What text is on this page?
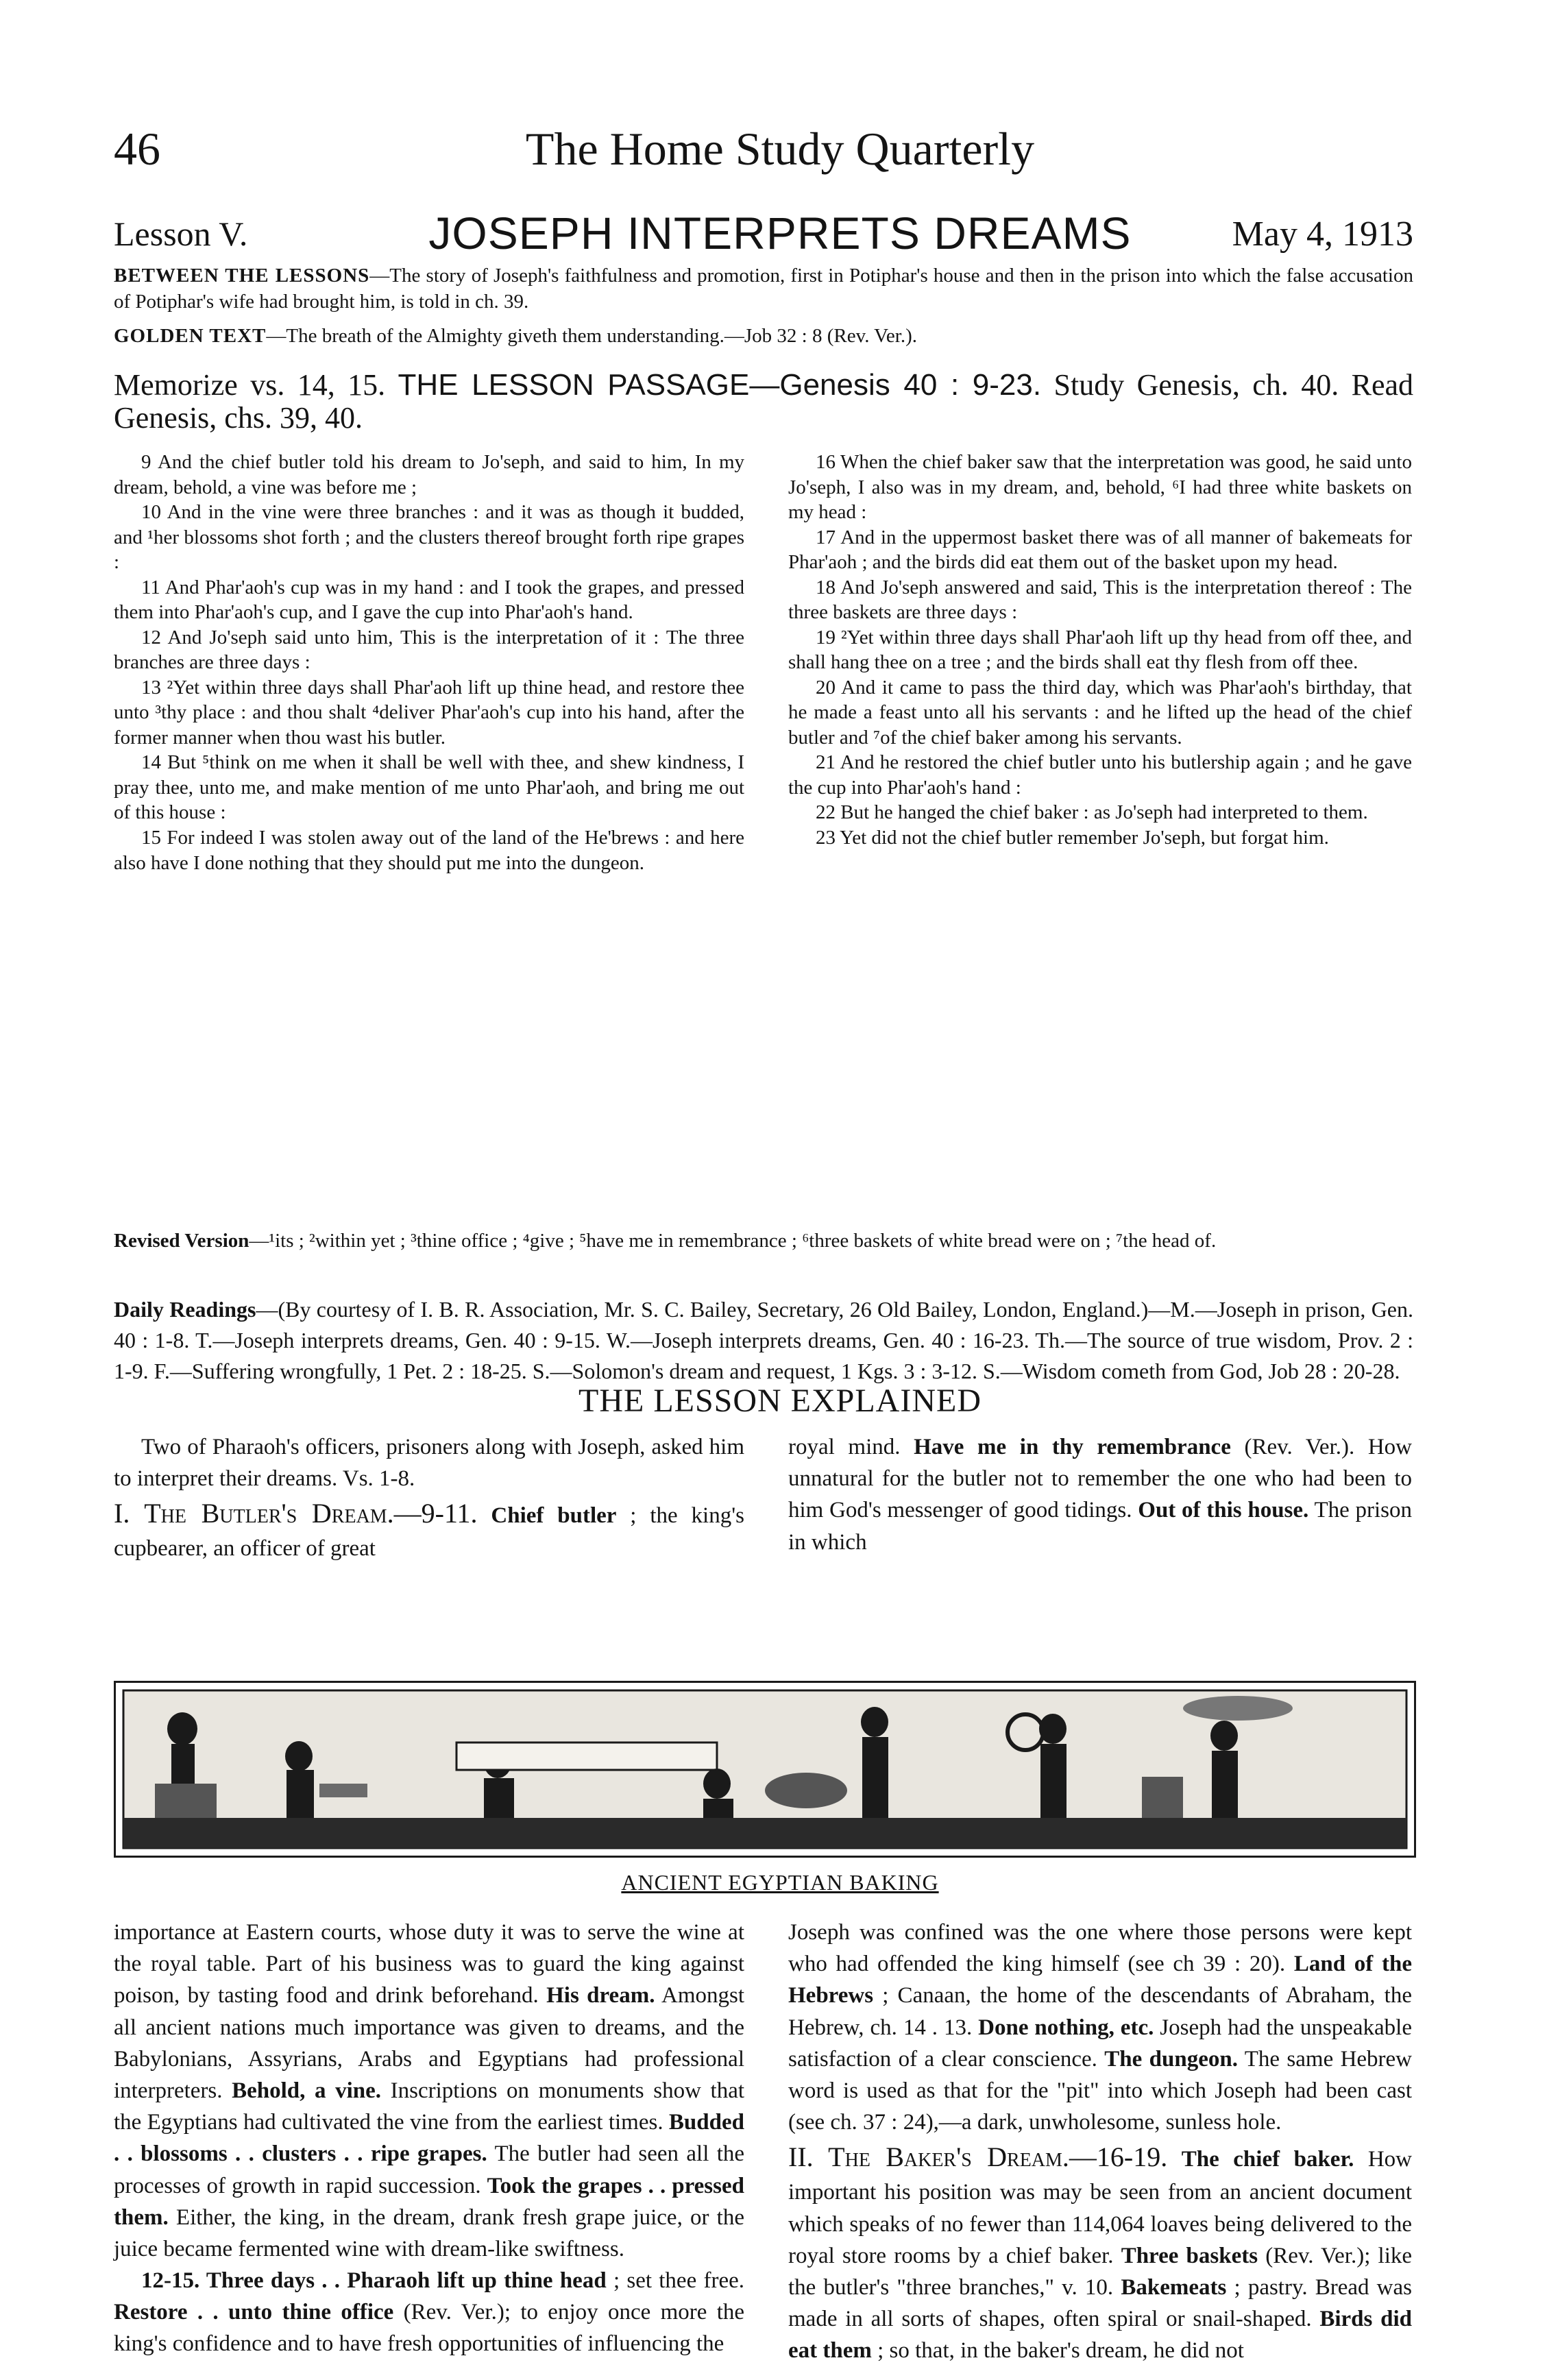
46	The Home Study Quarterly
Lesson V.	JOSEPH INTERPRETS DREAMS	May 4, 1913
BETWEEN THE LESSONS—The story of Joseph's faithfulness and promotion, first in Potiphar's house and then in the prison into which the false accusation of Potiphar's wife had brought him, is told in ch. 39.
GOLDEN TEXT—The breath of the Almighty giveth them understanding.—Job 32 : 8 (Rev. Ver.).
Memorize vs. 14, 15. THE LESSON PASSAGE—Genesis 40 : 9-23. Study Genesis, ch. 40. Read Genesis, chs. 39, 40.

9 And the chief butler told his dream to Jo'seph, and said to him, In my dream, behold, a vine was before me ;

10 And in the vine were three branches : and it was as though it budded, and ¹her blossoms shot forth ; and the clusters thereof brought forth ripe grapes :

11 And Phar'aoh's cup was in my hand : and I took the grapes, and pressed them into Phar'aoh's cup, and I gave the cup into Phar'aoh's hand.

12 And Jo'seph said unto him, This is the interpretation of it : The three branches are three days :

13 ²Yet within three days shall Phar'aoh lift up thine head, and restore thee unto ³thy place : and thou shalt ⁴deliver Phar'aoh's cup into his hand, after the former manner when thou wast his butler.

14 But ⁵think on me when it shall be well with thee, and shew kindness, I pray thee, unto me, and make mention of me unto Phar'aoh, and bring me out of this house :

15 For indeed I was stolen away out of the land of the He'brews : and here also have I done nothing that they should put me into the dungeon.

16 When the chief baker saw that the interpretation was good, he said unto Jo'seph, I also was in my dream, and, behold, ⁶I had three white baskets on my head :

17 And in the uppermost basket there was of all manner of bakemeats for Phar'aoh ; and the birds did eat them out of the basket upon my head.

18 And Jo'seph answered and said, This is the interpretation thereof : The three baskets are three days :

19 ²Yet within three days shall Phar'aoh lift up thy head from off thee, and shall hang thee on a tree ; and the birds shall eat thy flesh from off thee.

20 And it came to pass the third day, which was Phar'aoh's birthday, that he made a feast unto all his servants : and he lifted up the head of the chief butler and ⁷of the chief baker among his servants.

21 And he restored the chief butler unto his butlership again ; and he gave the cup into Phar'aoh's hand :

22 But he hanged the chief baker : as Jo'seph had interpreted to them.

23 Yet did not the chief butler remember Jo'seph, but forgat him.

Revised Version—¹its ; ²within yet ; ³thine office ; ⁴give ; ⁵have me in remembrance ; ⁶three baskets of white bread were on ; ⁷the head of.
Daily Readings—(By courtesy of I. B. R. Association, Mr. S. C. Bailey, Secretary, 26 Old Bailey, London, England.)—M.—Joseph in prison, Gen. 40 : 1-8. T.—Joseph interprets dreams, Gen. 40 : 9-15. W.—Joseph interprets dreams, Gen. 40 : 16-23. Th.—The source of true wisdom, Prov. 2 : 1-9. F.—Suffering wrongfully, 1 Pet. 2 : 18-25. S.—Solomon's dream and request, 1 Kgs. 3 : 3-12. S.—Wisdom cometh from God, Job 28 : 20-28.
THE LESSON EXPLAINED

Two of Pharaoh's officers, prisoners along with Joseph, asked him to interpret their dreams. Vs. 1-8.

I. The Butler's Dream.—9-11. Chief butler ; the king's cupbearer, an officer of great

royal mind. Have me in thy remembrance (Rev. Ver.). How unnatural for the butler not to remember the one who had been to him God's messenger of good tidings. Out of this house. The prison in which

ANCIENT EGYPTIAN BAKING

importance at Eastern courts, whose duty it was to serve the wine at the royal table. Part of his business was to guard the king against poison, by tasting food and drink beforehand. His dream. Amongst all ancient nations much importance was given to dreams, and the Babylonians, Assyrians, Arabs and Egyptians had professional interpreters. Behold, a vine. Inscriptions on monuments show that the Egyptians had cultivated the vine from the earliest times. Budded . . blossoms . . clusters . . ripe grapes. The butler had seen all the processes of growth in rapid succession. Took the grapes . . pressed them. Either, the king, in the dream, drank fresh grape juice, or the juice became fermented wine with dream-like swiftness.

12-15. Three days . . Pharaoh lift up thine head ; set thee free. Restore . . unto thine office (Rev. Ver.); to enjoy once more the king's confidence and to have fresh opportunities of influencing the

Joseph was confined was the one where those persons were kept who had offended the king himself (see ch 39 : 20). Land of the Hebrews ; Canaan, the home of the descendants of Abraham, the Hebrew, ch. 14 . 13. Done nothing, etc. Joseph had the unspeakable satisfaction of a clear conscience. The dungeon. The same Hebrew word is used as that for the "pit" into which Joseph had been cast (see ch. 37 : 24),—a dark, unwholesome, sunless hole.

II. The Baker's Dream.—16-19. The chief baker. How important his position was may be seen from an ancient document which speaks of no fewer than 114,064 loaves being delivered to the royal store rooms by a chief baker. Three baskets (Rev. Ver.); like the butler's "three branches," v. 10. Bakemeats ; pastry. Bread was made in all sorts of shapes, often spiral or snail-shaped. Birds did eat them ; so that, in the baker's dream, he did not
